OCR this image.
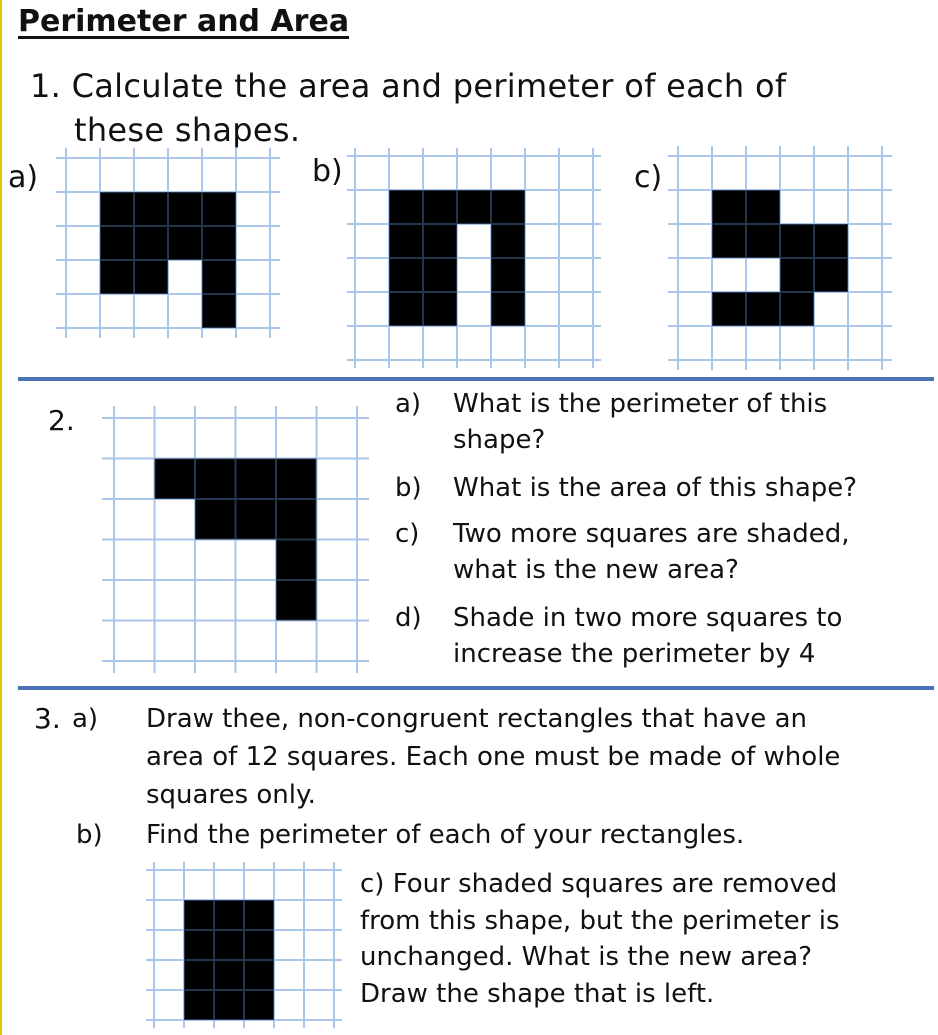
Perimeter and Area
1. Calculate the area and perimeter of each of
these shapes.
a)	b)	c)
2.	a) What is the perimeter of this
shape?
b) What is the area of this shape?
c) Two more squares are shaded,
what is the new area?
d) Shade in two more squares to
increase the perimeter by 4
3. a) Draw thee, non-congruent rectangles that have an
area of 12 squares. Each one must be made of whole
squares only.
b) Find the perimeter of each of your rectangles.
c) Four shaded squares are removed
from this shape, but the perimeter is
unchanged. What is the new area?
Draw the shape that is left.
